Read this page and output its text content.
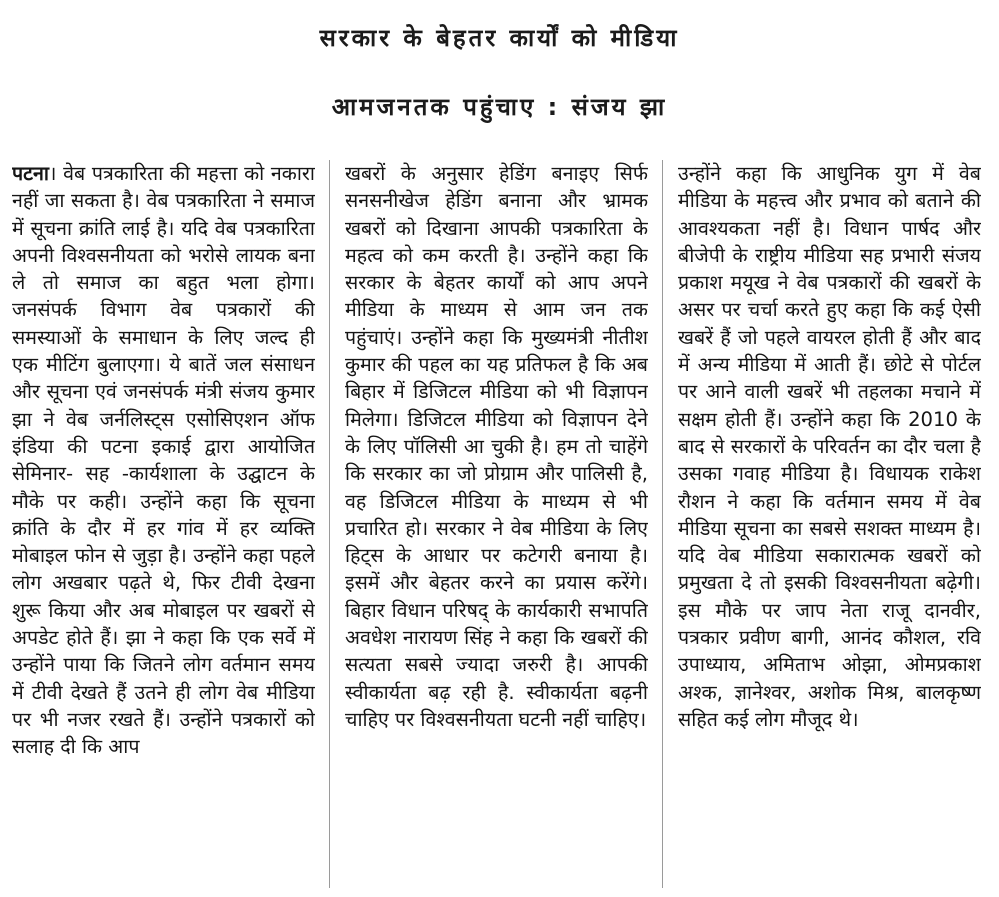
सरकार के बेहतर कार्यों को मीडिया
आमजनतक पहुंचाए : संजय झा

पटना। वेब पत्रकारिता की महत्ता को नकारा नहीं जा सकता है। वेब पत्रकारिता ने समाज में सूचना क्रांति लाई है। यदि वेब पत्रकारिता अपनी विश्वसनीयता को भरोसे लायक बना ले तो समाज का बहुत भला होगा। जनसंपर्क विभाग वेब पत्रकारों की समस्याओं के समाधान के लिए जल्द ही एक मीटिंग बुलाएगा। ये बातें जल संसाधन और सूचना एवं जनसंपर्क मंत्री संजय कुमार झा ने वेब जर्नलिस्ट्स एसोसिएशन ऑफ इंडिया की पटना इकाई द्वारा आयोजित सेमिनार- सह -कार्यशाला के उद्घाटन के मौके पर कही। उन्होंने कहा कि सूचना क्रांति के दौर में हर गांव में हर व्यक्ति मोबाइल फोन से जुड़ा है। उन्होंने कहा पहले लोग अखबार पढ़ते थे, फिर टीवी देखना शुरू किया और अब मोबाइल पर खबरों से अपडेट होते हैं। झा ने कहा कि एक सर्वे में उन्होंने पाया कि जितने लोग वर्तमान समय में टीवी देखते हैं उतने ही लोग वेब मीडिया पर भी नजर रखते हैं। उन्होंने पत्रकारों को सलाह दी कि आप

खबरों के अनुसार हेडिंग बनाइए सिर्फ सनसनीखेज हेडिंग बनाना और भ्रामक खबरों को दिखाना आपकी पत्रकारिता के महत्व को कम करती है। उन्होंने कहा कि सरकार के बेहतर कार्यों को आप अपने मीडिया के माध्यम से आम जन तक पहुंचाएं। उन्होंने कहा कि मुख्यमंत्री नीतीश कुमार की पहल का यह प्रतिफल है कि अब बिहार में डिजिटल मीडिया को भी विज्ञापन मिलेगा। डिजिटल मीडिया को विज्ञापन देने के लिए पॉलिसी आ चुकी है। हम तो चाहेंगे कि सरकार का जो प्रोग्राम और पालिसी है, वह डिजिटल मीडिया के माध्यम से भी प्रचारित हो। सरकार ने वेब मीडिया के लिए हिट्स के आधार पर कटेगरी बनाया है। इसमें और बेहतर करने का प्रयास करेंगे। बिहार विधान परिषद् के कार्यकारी सभापति अवधेश नारायण सिंह ने कहा कि खबरों की सत्यता सबसे ज्यादा जरुरी है। आपकी स्वीकार्यता बढ़ रही है. स्वीकार्यता बढ़नी चाहिए पर विश्वसनीयता घटनी नहीं चाहिए।

उन्होंने कहा कि आधुनिक युग में वेब मीडिया के महत्त्व और प्रभाव को बताने की आवश्यकता नहीं है। विधान पार्षद और बीजेपी के राष्ट्रीय मीडिया सह प्रभारी संजय प्रकाश मयूख ने वेब पत्रकारों की खबरों के असर पर चर्चा करते हुए कहा कि कई ऐसी खबरें हैं जो पहले वायरल होती हैं और बाद में अन्य मीडिया में आती हैं। छोटे से पोर्टल पर आने वाली खबरें भी तहलका मचाने में सक्षम होती हैं। उन्होंने कहा कि 2010 के बाद से सरकारों के परिवर्तन का दौर चला है उसका गवाह मीडिया है। विधायक राकेश रौशन ने कहा कि वर्तमान समय में वेब मीडिया सूचना का सबसे सशक्त माध्यम है। यदि वेब मीडिया सकारात्मक खबरों को प्रमुखता दे तो इसकी विश्वसनीयता बढ़ेगी। इस मौके पर जाप नेता राजू दानवीर, पत्रकार प्रवीण बागी, आनंद कौशल, रवि उपाध्याय, अमिताभ ओझा, ओमप्रकाश अश्क, ज्ञानेश्वर, अशोक मिश्र, बालकृष्ण सहित कई लोग मौजूद थे।
